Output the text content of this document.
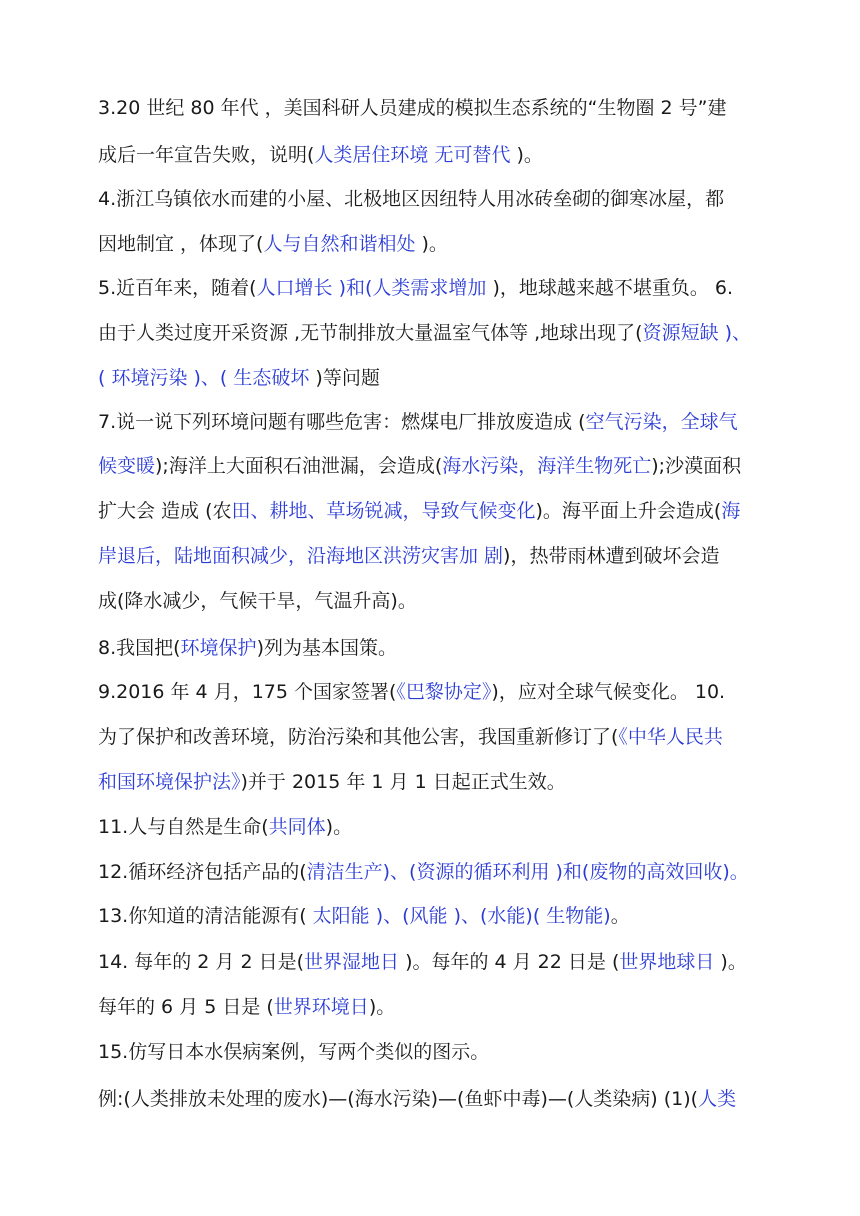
3.20 世纪 80 年代 ，美国科研人员建成的模拟生态系统的“生物圈 2 号”建
成后一年宣告失败，说明(人类居住环境 无可替代 )。
4.浙江乌镇依水而建的小屋、北极地区因纽特人用冰砖垒砌的御寒冰屋，都
因地制宜 ，体现了(人与自然和谐相处 )。
5.近百年来，随着(人口增长 )和(人类需求增加 )，地球越来越不堪重负。 6.
由于人类过度开采资源 ,无节制排放大量温室气体等 ,地球出现了(资源短缺 )、
( 环境污染 )、( 生态破坏 )等问题
7.说一说下列环境问题有哪些危害：燃煤电厂排放废造成 (空气污染，全球气
候变暖);海洋上大面积石油泄漏，会造成(海水污染，海洋生物死亡);沙漠面积
扩大会 造成 (农田、耕地、草场锐减，导致气候变化)。海平面上升会造成(海
岸退后，陆地面积减少，沿海地区洪涝灾害加 剧)，热带雨林遭到破坏会造
成(降水减少，气候干旱，气温升高)。
8.我国把(环境保护)列为基本国策。
9.2016 年 4 月，175 个国家签署(《巴黎协定》)，应对全球气候变化。 10.
为了保护和改善环境，防治污染和其他公害，我国重新修订了(《中华人民共
和国环境保护法》)并于 2015 年 1 月 1 日起正式生效。
11.人与自然是生命(共同体)。
12.循环经济包括产品的(清洁生产)、(资源的循环利用 )和(废物的高效回收)。
13.你知道的清洁能源有( 太阳能 )、(风能 )、(水能)( 生物能)。
14. 每年的 2 月 2 日是(世界湿地日 )。每年的 4 月 22 日是 (世界地球日 )。
每年的 6 月 5 日是 (世界环境日)。
15.仿写日本水俣病案例，写两个类似的图示。
例:(人类排放未处理的废水)—(海水污染)—(鱼虾中毒)—(人类染病) (1)(人类
